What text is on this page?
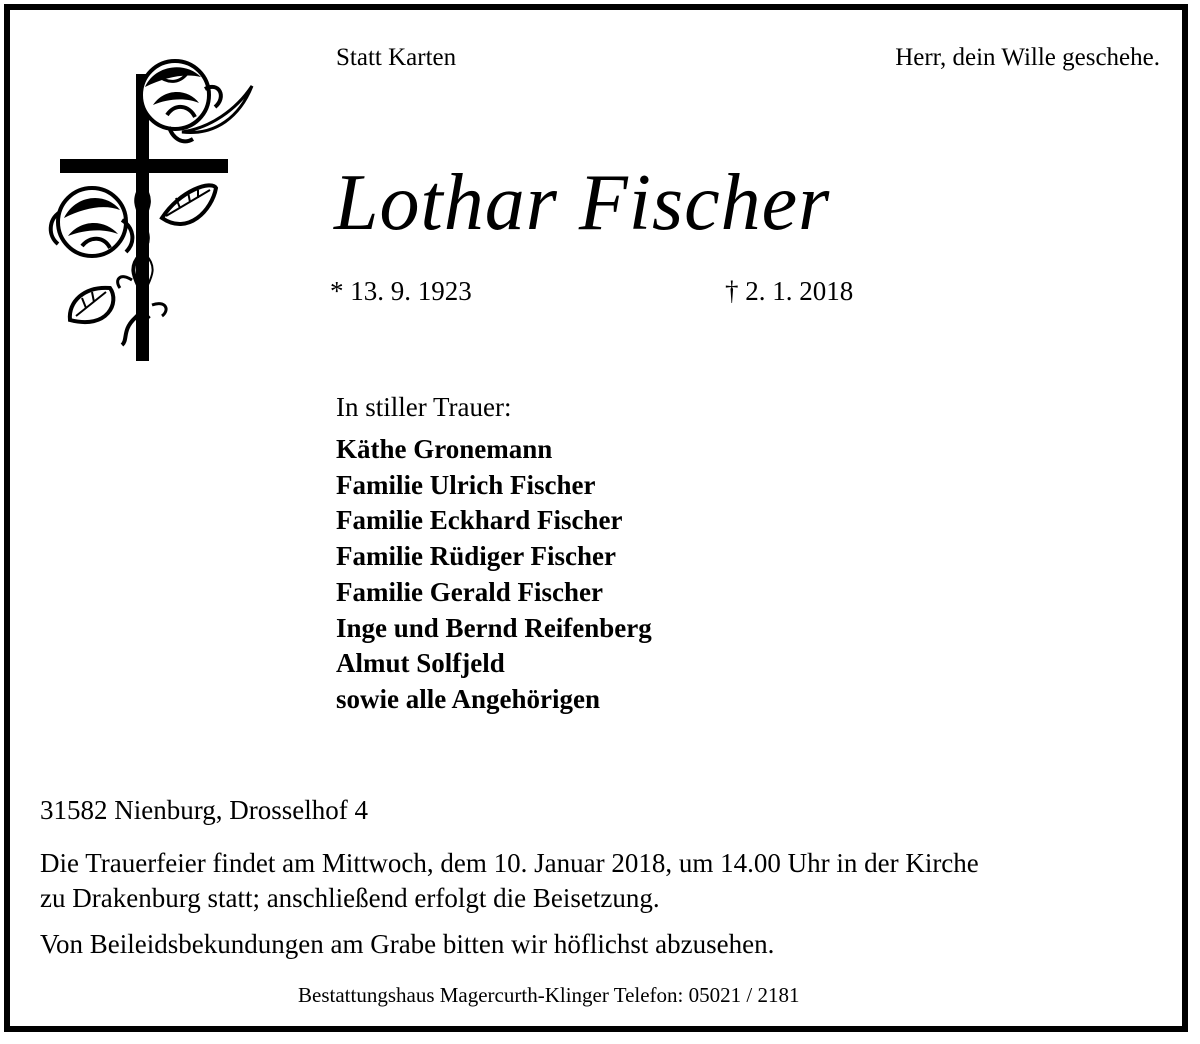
Statt Karten	Herr, dein Wille geschehe.
Lothar Fischer
* 13. 9. 1923	† 2. 1. 2018
In stiller Trauer:
Käthe Gronemann
Familie Ulrich Fischer
Familie Eckhard Fischer
Familie Rüdiger Fischer
Familie Gerald Fischer
Inge und Bernd Reifenberg
Almut Solfjeld
sowie alle Angehörigen
31582 Nienburg, Drosselhof 4
Die Trauerfeier findet am Mittwoch, dem 10. Januar 2018, um 14.00 Uhr in der Kirche
zu Drakenburg statt; anschließend erfolgt die Beisetzung.
Von Beileidsbekundungen am Grabe bitten wir höflichst abzusehen.
Bestattungshaus Magercurth-Klinger Telefon: 05021 / 2181
